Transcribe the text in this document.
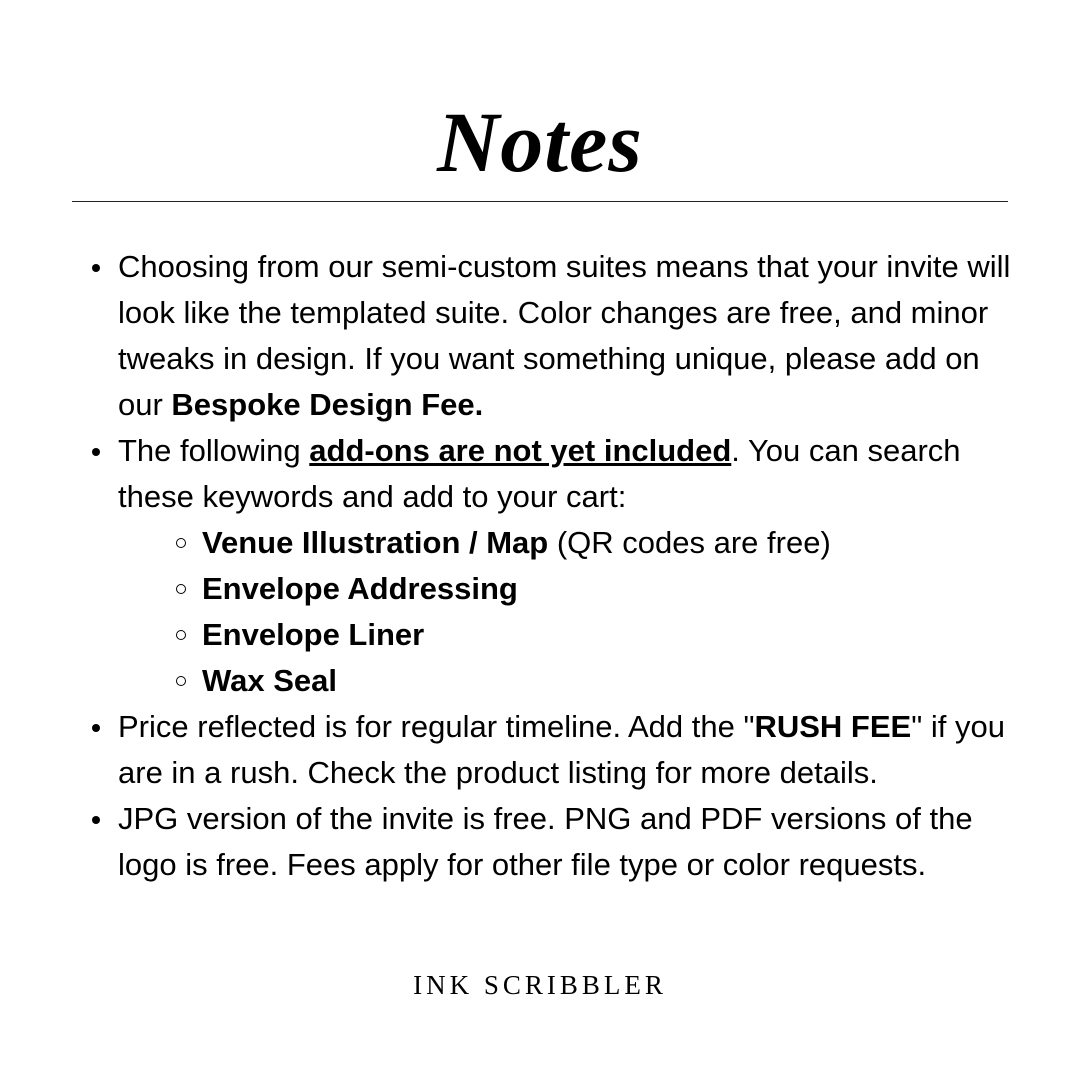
Notes
Choosing from our semi-custom suites means that your invite will look like the templated suite. Color changes are free, and minor tweaks in design. If you want something unique, please add on our Bespoke Design Fee.
The following add-ons are not yet included. You can search these keywords and add to your cart:
Venue Illustration / Map (QR codes are free)
Envelope Addressing
Envelope Liner
Wax Seal
Price reflected is for regular timeline. Add the "RUSH FEE" if you are in a rush. Check the product listing for more details.
JPG version of the invite is free. PNG and PDF versions of the logo is free. Fees apply for other file type or color requests.
INK SCRIBBLER
